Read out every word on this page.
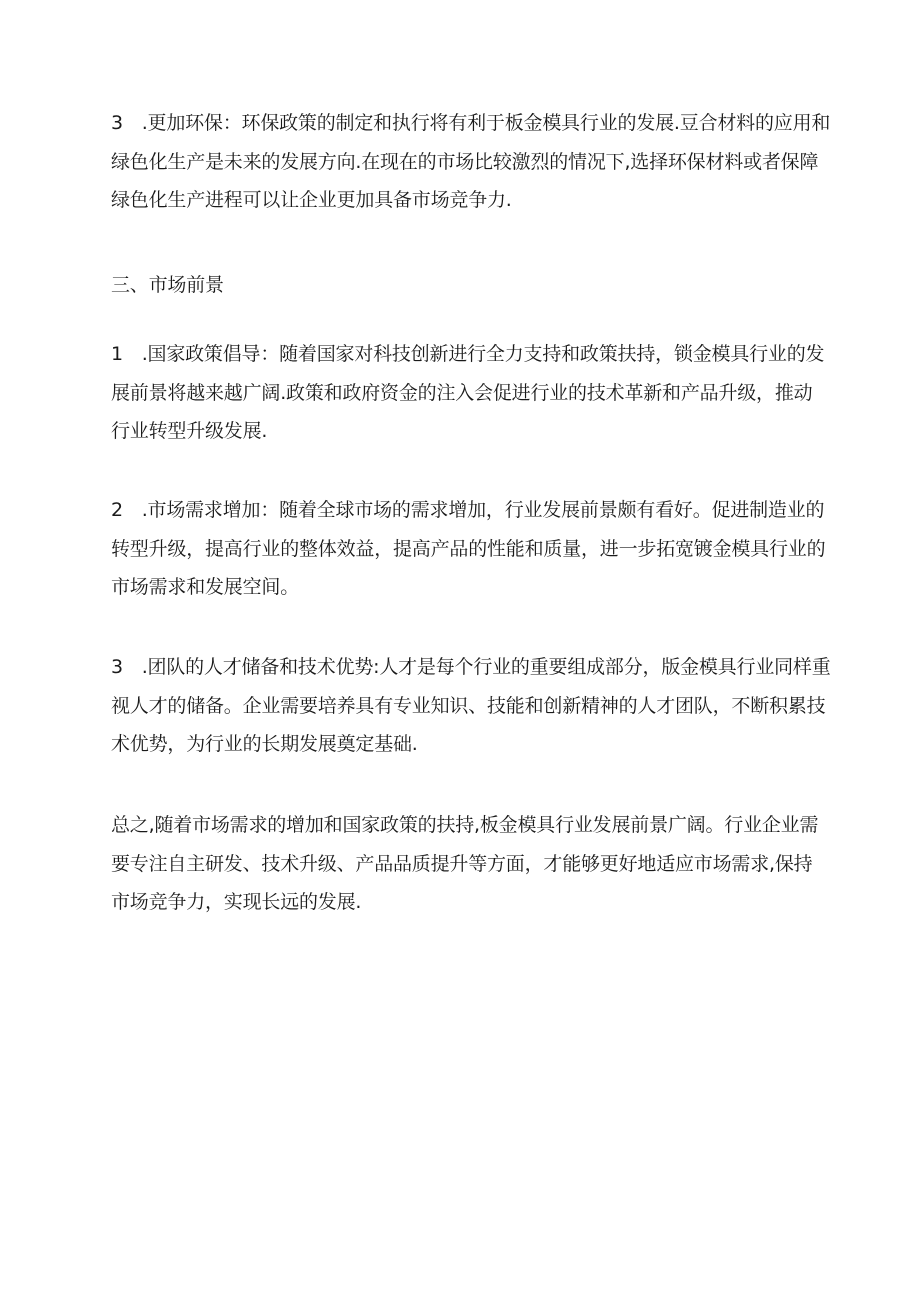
3　.更加环保：环保政策的制定和执行将有利于板金模具行业的发展.豆合材料的应用和
绿色化生产是未来的发展方向.在现在的市场比较激烈的情况下,选择环保材料或者保障
绿色化生产进程可以让企业更加具备市场竞争力.

三、市场前景

1　.国家政策倡导：随着国家对科技创新进行全力支持和政策扶持，锁金模具行业的发
展前景将越来越广阔.政策和政府资金的注入会促进行业的技术革新和产品升级，推动
行业转型升级发展.

2　.市场需求增加：随着全球市场的需求增加，行业发展前景颇有看好。促进制造业的
转型升级，提高行业的整体效益，提高产品的性能和质量，进一步拓宽镀金模具行业的
市场需求和发展空间。

3　.团队的人才储备和技术优势:人才是每个行业的重要组成部分，版金模具行业同样重
视人才的储备。企业需要培养具有专业知识、技能和创新精神的人才团队，不断积累技
术优势，为行业的长期发展奠定基础.

总之,随着市场需求的增加和国家政策的扶持,板金模具行业发展前景广阔。行业企业需
要专注自主研发、技术升级、产品品质提升等方面，才能够更好地适应市场需求,保持
市场竞争力，实现长远的发展.
